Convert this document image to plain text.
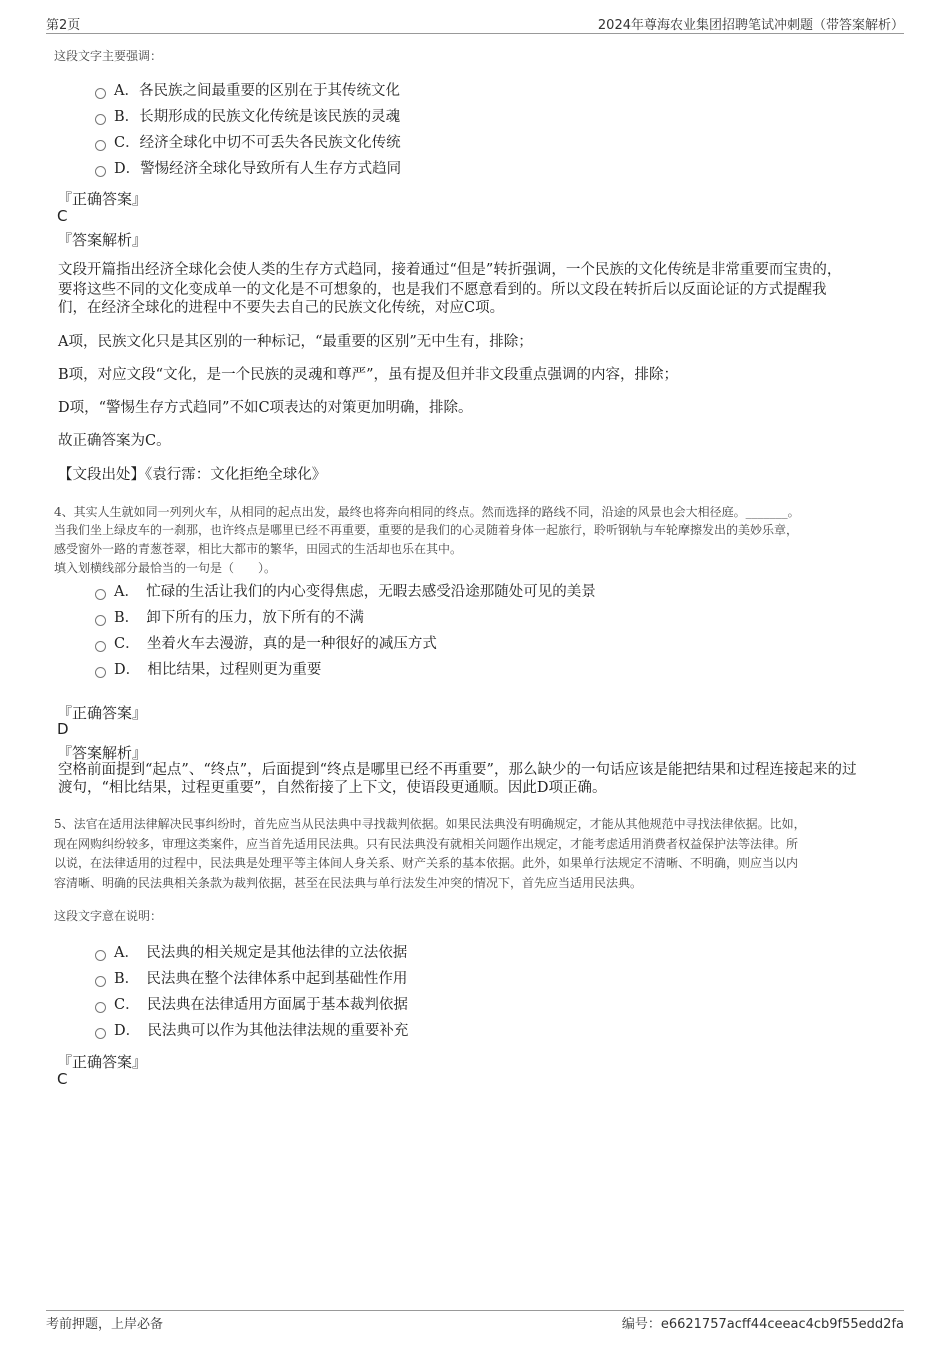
第2页	2024年尊海农业集团招聘笔试冲刺题（带答案解析）
这段文字主要强调：
A．各民族之间最重要的区别在于其传统文化
B．长期形成的民族文化传统是该民族的灵魂
C．经济全球化中切不可丢失各民族文化传统
D．警惕经济全球化导致所有人生存方式趋同
『正确答案』
C
『答案解析』
文段开篇指出经济全球化会使人类的生存方式趋同，接着通过“但是”转折强调，一个民族的文化传统是非常重要而宝贵的，
要将这些不同的文化变成单一的文化是不可想象的，也是我们不愿意看到的。所以文段在转折后以反面论证的方式提醒我
们，在经济全球化的进程中不要失去自己的民族文化传统，对应C项。
A项，民族文化只是其区别的一种标记，“最重要的区别”无中生有，排除；
B项，对应文段“文化，是一个民族的灵魂和尊严”，虽有提及但并非文段重点强调的内容，排除；
D项，“警惕生存方式趋同”不如C项表达的对策更加明确，排除。
故正确答案为C。
【文段出处】《袁行霈：文化拒绝全球化》
4、其实人生就如同一列列火车，从相同的起点出发，最终也将奔向相同的终点。然而选择的路线不同，沿途的风景也会大相径庭。_______。
当我们坐上绿皮车的一刹那，也许终点是哪里已经不再重要，重要的是我们的心灵随着身体一起旅行，聆听钢轨与车轮摩擦发出的美妙乐章，
感受窗外一路的青葱苍翠，相比大都市的繁华，田园式的生活却也乐在其中。
填入划横线部分最恰当的一句是（　　）。
A．　忙碌的生活让我们的内心变得焦虑，无暇去感受沿途那随处可见的美景
B．　卸下所有的压力，放下所有的不满
C．　坐着火车去漫游，真的是一种很好的减压方式
D．　相比结果，过程则更为重要
『正确答案』
D
『答案解析』
空格前面提到“起点”、“终点”，后面提到“终点是哪里已经不再重要”，那么缺少的一句话应该是能把结果和过程连接起来的过
渡句，“相比结果，过程更重要”，自然衔接了上下文，使语段更通顺。因此D项正确。
5、法官在适用法律解决民事纠纷时，首先应当从民法典中寻找裁判依据。如果民法典没有明确规定，才能从其他规范中寻找法律依据。比如，
现在网购纠纷较多，审理这类案件，应当首先适用民法典。只有民法典没有就相关问题作出规定，才能考虑适用消费者权益保护法等法律。所
以说，在法律适用的过程中，民法典是处理平等主体间人身关系、财产关系的基本依据。此外，如果单行法规定不清晰、不明确，则应当以内
容清晰、明确的民法典相关条款为裁判依据，甚至在民法典与单行法发生冲突的情况下，首先应当适用民法典。
这段文字意在说明：
A．　民法典的相关规定是其他法律的立法依据
B．　民法典在整个法律体系中起到基础性作用
C．　民法典在法律适用方面属于基本裁判依据
D．　民法典可以作为其他法律法规的重要补充
『正确答案』
C
考前押题，上岸必备	编号：e6621757acff44ceeac4cb9f55edd2fa
